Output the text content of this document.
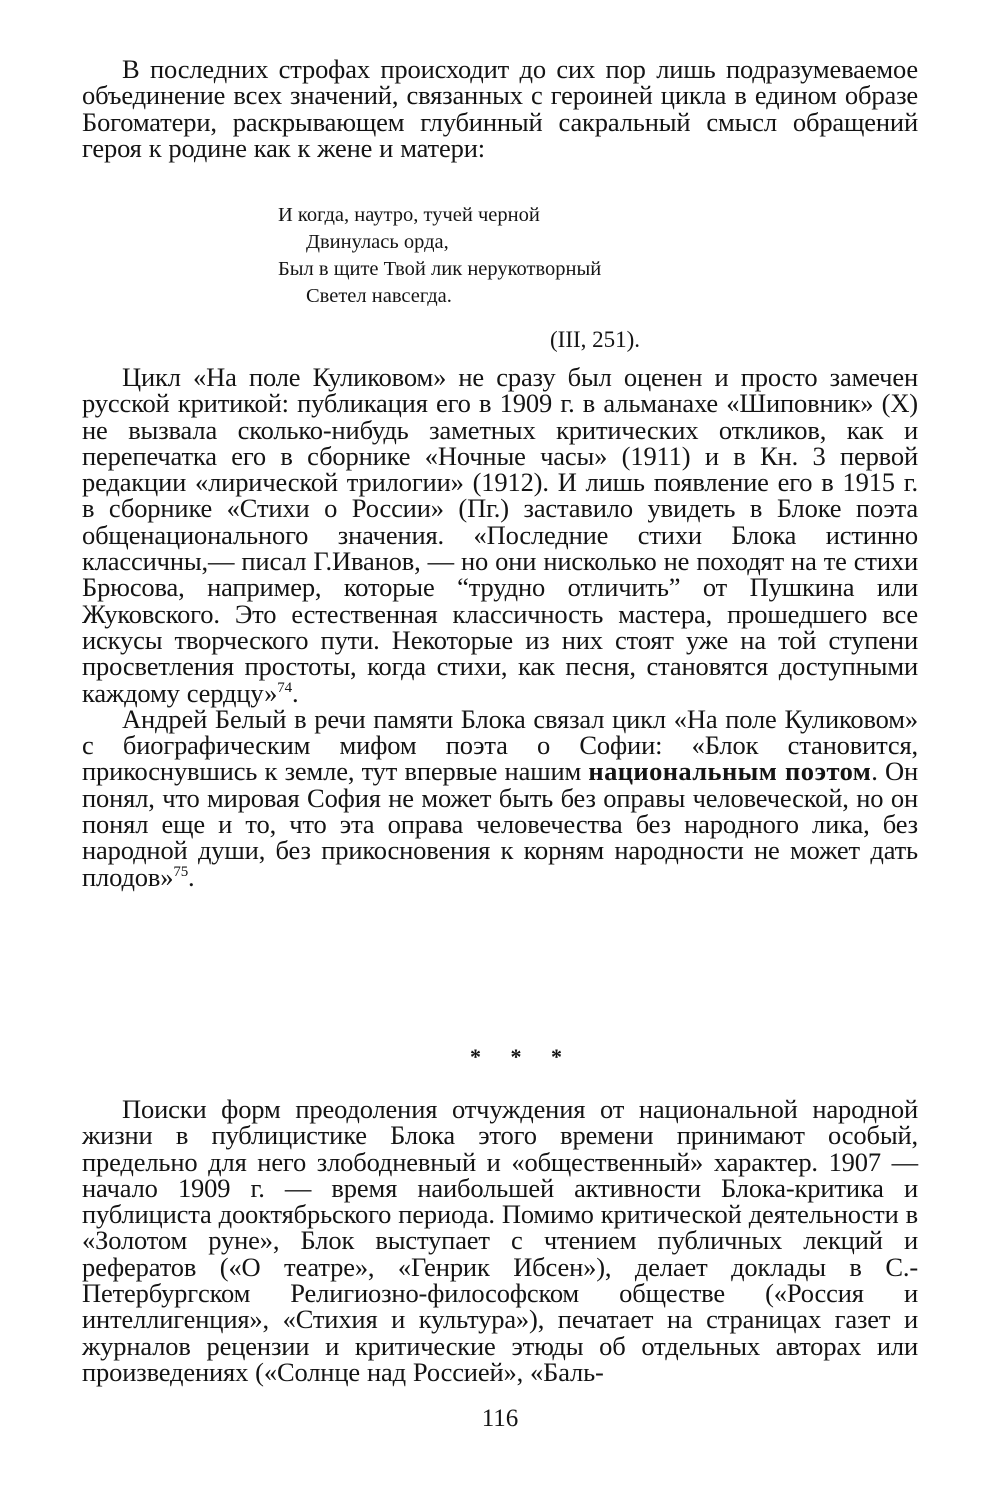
В последних строфах происходит до сих пор лишь подразумеваемое объединение всех значений, связанных с героиней цикла в едином образе Богоматери, раскрывающем глубинный сакральный смысл обращений героя к родине как к жене и матери:

И когда, наутро, тучей черной
Двинулась орда,
Был в щите Твой лик нерукотворный
Светел навсегда.
(III, 251).

Цикл «На поле Куликовом» не сразу был оценен и просто замечен русской критикой: публикация его в 1909 г. в альманахе «Шиповник» (X) не вызвала сколько-нибудь заметных критических откликов, как и перепечатка его в сборнике «Ночные часы» (1911) и в Кн. 3 первой редакции «лирической трилогии» (1912). И лишь появление его в 1915 г. в сборнике «Стихи о России» (Пг.) заставило увидеть в Блоке поэта общенационального значения. «Последние стихи Блока истинно классичны,— писал Г.Иванов, — но они нисколько не походят на те стихи Брюсова, например, которые “трудно отличить” от Пушкина или Жуковского. Это естественная классичность мастера, прошедшего все искусы творческого пути. Некоторые из них стоят уже на той ступени просветления простоты, когда стихи, как песня, становятся доступными каждому сердцу»$^{74}$.

Андрей Белый в речи памяти Блока связал цикл «На поле Куликовом» с биографическим мифом поэта о Софии: «Блок становится, прикоснувшись к земле, тут впервые нашим национальным поэтом. Он понял, что мировая София не может быть без оправы человеческой, но он понял еще и то, что эта оправа человечества без народного лика, без народной души, без прикосновения к корням народности не может дать плодов»$^{75}$.

* * *

Поиски форм преодоления отчуждения от национальной народной жизни в публицистике Блока этого времени принимают особый, предельно для него злободневный и «общественный» характер. 1907 — начало 1909 г. — время наибольшей активности Блока-критика и публициста дооктябрьского периода. Помимо критической деятельности в «Золотом руне», Блок выступает с чтением публичных лекций и рефератов («О театре», «Генрик Ибсен»), делает доклады в С.-Петербургском Религиозно-философском обществе («Россия и интеллигенция», «Стихия и культура»), печатает на страницах газет и журналов рецензии и критические этюды об отдельных авторах или произведениях («Солнце над Россией», «Баль-

116
